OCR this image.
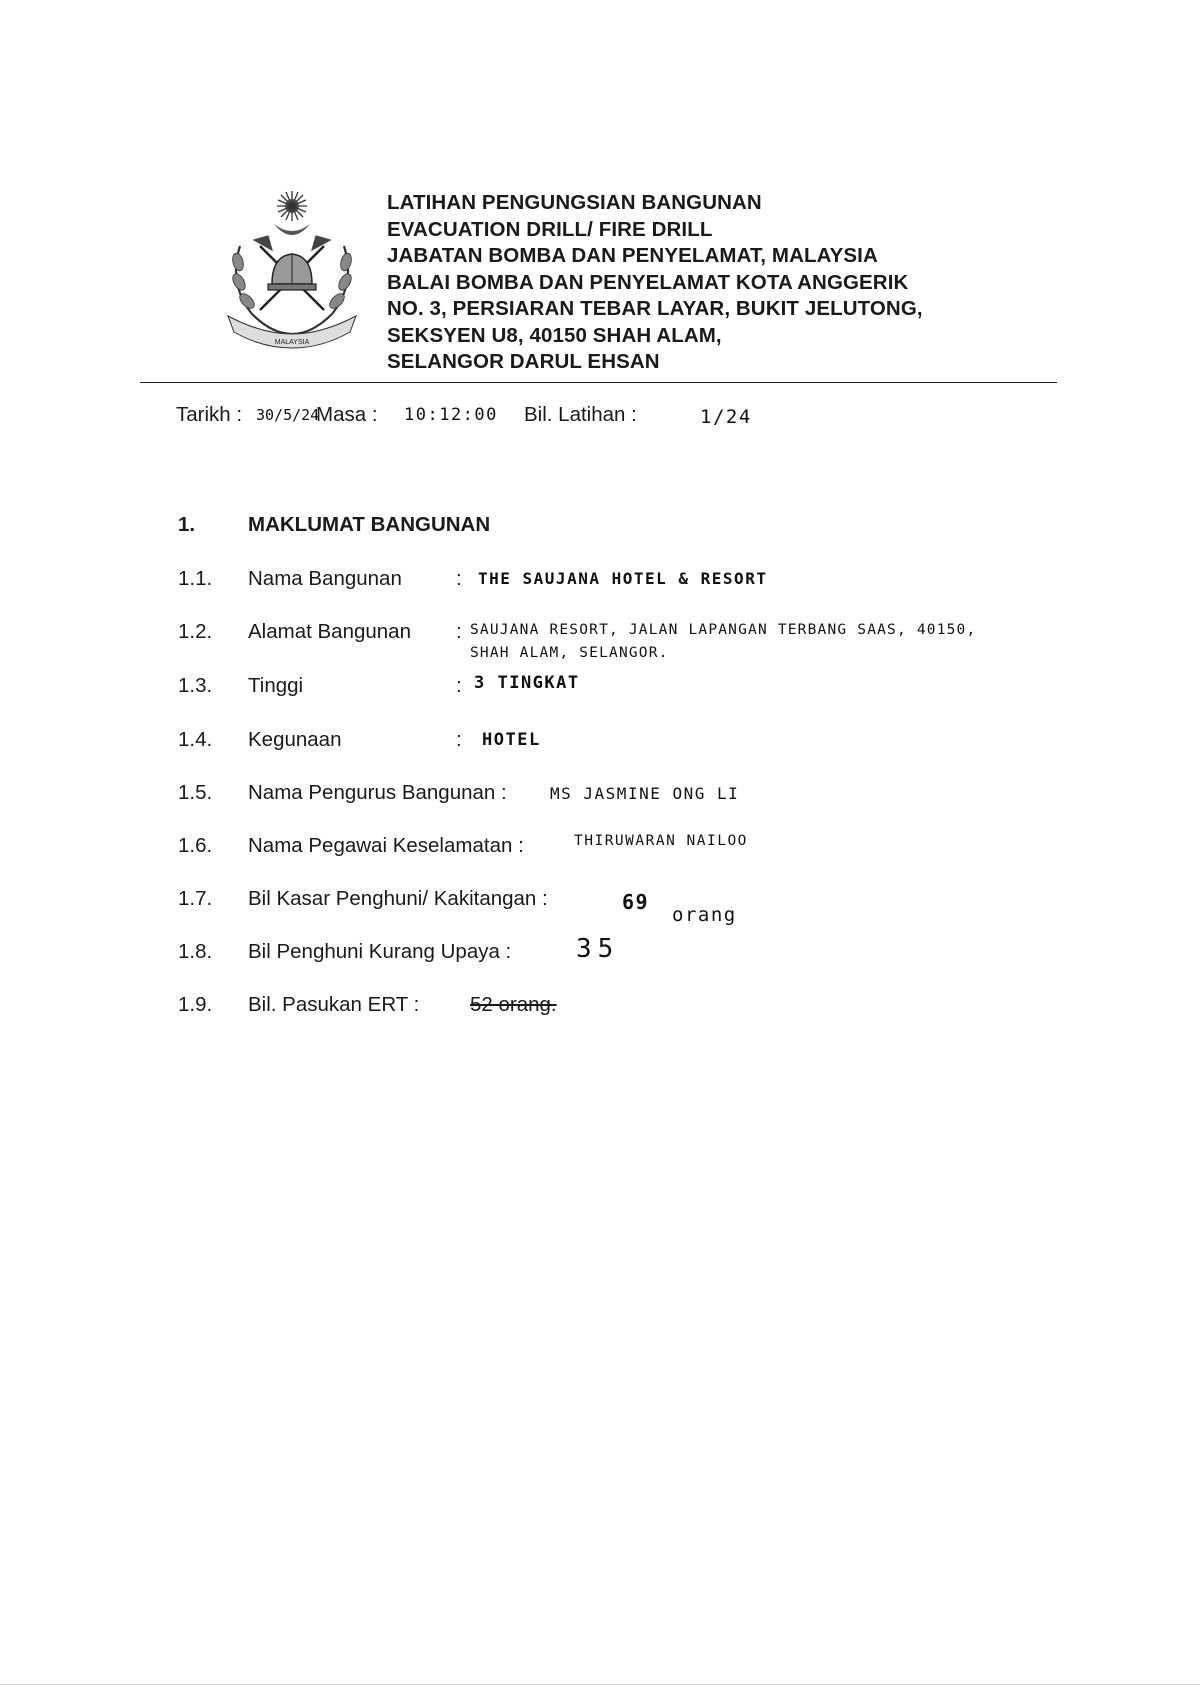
MALAYSIA
LATIHAN PENGUNGSIAN BANGUNAN
EVACUATION DRILL/ FIRE DRILL
JABATAN BOMBA DAN PENYELAMAT, MALAYSIA
BALAI BOMBA DAN PENYELAMAT KOTA ANGGERIK
NO. 3, PERSIARAN TEBAR LAYAR, BUKIT JELUTONG,
SEKSYEN U8, 40150 SHAH ALAM,
SELANGOR DARUL EHSAN
Tarikh : 30/5/24
Masa : 10:12:00 Bil. Latihan :	1/24
1.	MAKLUMAT BANGUNAN
1.1. Nama Bangunan	: THE SAUJANA HOTEL & RESORT
1.2. Alamat Bangunan : SAUJANA RESORT, JALAN LAPANGAN TERBANG SAAS, 40150,
SHAH ALAM, SELANGOR.
1.3. Tinggi	: 3 TINGKAT
1.4. Kegunaan	: HOTEL
1.5. Nama Pengurus Bangunan :	MS JASMINE ONG LI
1.6. Nama Pegawai Keselamatan :	THIRUWARAN NAILOO
1.7. Bil Kasar Penghuni/ Kakitangan :	69
orang
1.8. Bil Penghuni Kurang Upaya : 35
1.9. Bil. Pasukan ERT : 52 orang.
